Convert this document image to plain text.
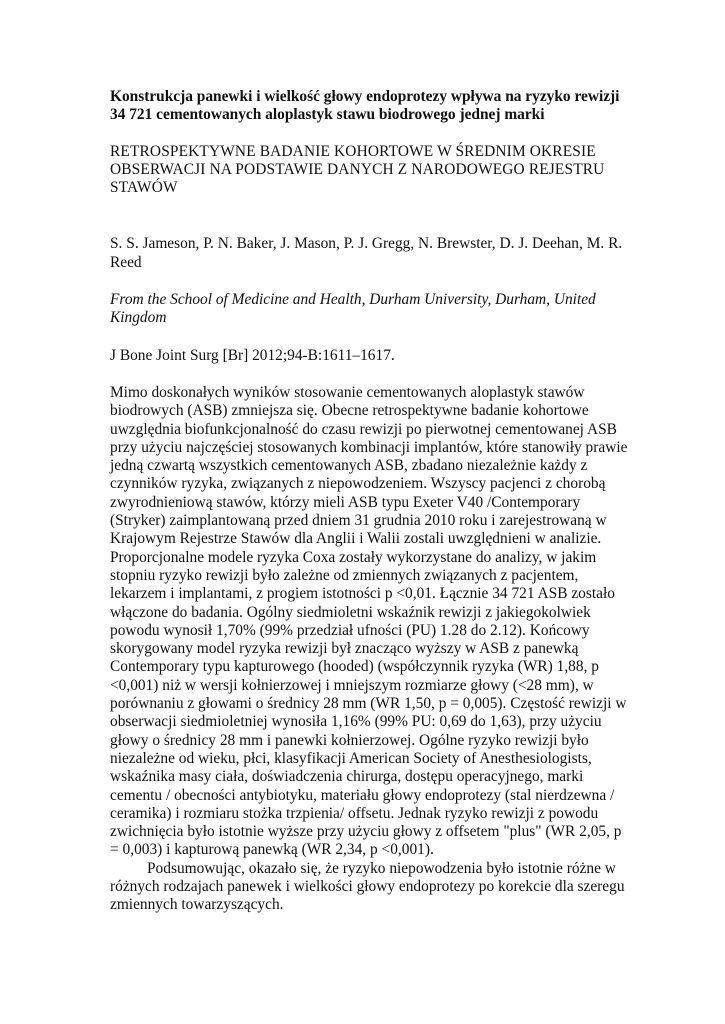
Konstrukcja panewki i wielkość głowy endoprotezy wpływa na ryzyko rewizji 34 721 cementowanych aloplastyk stawu biodrowego jednej marki

RETROSPEKTYWNE BADANIE KOHORTOWE W ŚREDNIM OKRESIE OBSERWACJI NA PODSTAWIE DANYCH Z NARODOWEGO REJESTRU STAWÓW

S. S. Jameson, P. N. Baker, J. Mason, P. J. Gregg, N. Brewster, D. J. Deehan, M. R. Reed

From the School of Medicine and Health, Durham University, Durham, United Kingdom

J Bone Joint Surg [Br] 2012;94-B:1611–1617.

Mimo doskonałych wyników stosowanie cementowanych aloplastyk stawów biodrowych (ASB) zmniejsza się. Obecne retrospektywne badanie kohortowe uwzględnia biofunkcjonalność do czasu rewizji po pierwotnej cementowanej ASB przy użyciu najczęściej stosowanych kombinacji implantów, które stanowiły prawie jedną czwartą wszystkich cementowanych ASB, zbadano niezależnie każdy z czynników ryzyka, związanych z niepowodzeniem. Wszyscy pacjenci z chorobą zwyrodnieniową stawów, którzy mieli ASB typu Exeter V40 /Contemporary (Stryker) zaimplantowaną przed dniem 31 grudnia 2010 roku i zarejestrowaną w Krajowym Rejestrze Stawów dla Anglii i Walii zostali uwzględnieni w analizie. Proporcjonalne modele ryzyka Coxa zostały wykorzystane do analizy, w jakim stopniu ryzyko rewizji było zależne od zmiennych związanych z pacjentem, lekarzem i implantami, z progiem istotności p <0,01. Łącznie 34 721 ASB zostało włączone do badania. Ogólny siedmioletni wskaźnik rewizji z jakiegokolwiek powodu wynosił 1,70% (99% przedział ufności (PU) 1.28 do 2.12). Końcowy skorygowany model ryzyka rewizji był znacząco wyższy w ASB z panewką Contemporary typu kapturowego (hooded) (współczynnik ryzyka (WR) 1,88, p <0,001) niż w wersji kołnierzowej i mniejszym rozmiarze głowy (<28 mm), w porównaniu z głowami o średnicy 28 mm (WR 1,50, p = 0,005). Częstość rewizji w obserwacji siedmioletniej wynosiła 1,16% (99% PU: 0,69 do 1,63), przy użyciu głowy o średnicy 28 mm i panewki kołnierzowej. Ogólne ryzyko rewizji było niezależne od wieku, płci, klasyfikacji American Society of Anesthesiologists, wskaźnika masy ciała, doświadczenia chirurga, dostępu operacyjnego, marki cementu / obecności antybiotyku, materiału głowy endoprotezy (stal nierdzewna / ceramika) i rozmiaru stożka trzpienia/ offsetu. Jednak ryzyko rewizji z powodu zwichnięcia było istotnie wyższe przy użyciu głowy z offsetem "plus" (WR 2,05, p = 0,003) i kapturową panewką (WR 2,34, p <0,001).

Podsumowując, okazało się, że ryzyko niepowodzenia było istotnie różne w różnych rodzajach panewek i wielkości głowy endoprotezy po korekcie dla szeregu zmiennych towarzyszących.
